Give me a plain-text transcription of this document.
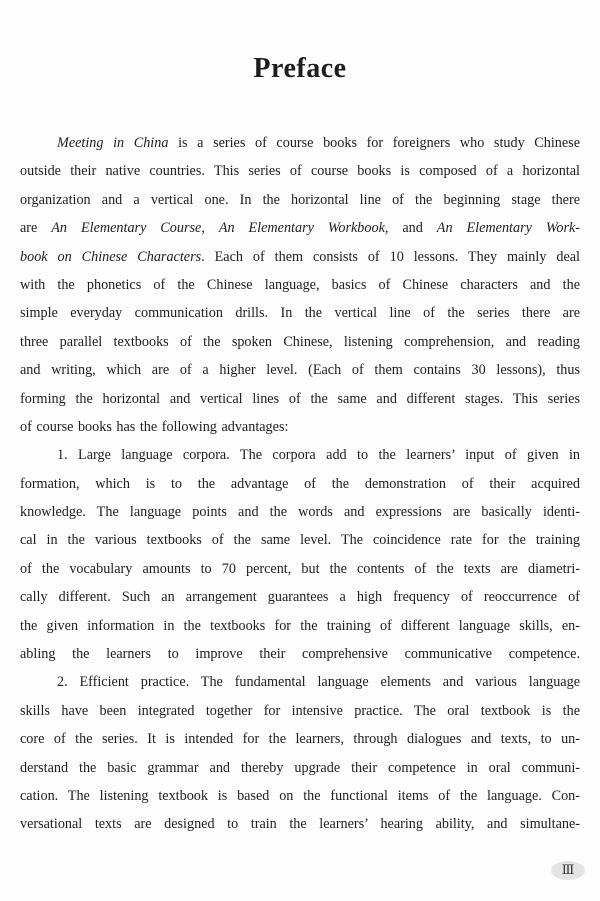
Preface
Meeting in China is a series of course books for foreigners who study Chinese
outside their native countries. This series of course books is composed of a horizontal
organization and a vertical one. In the horizontal line of the beginning stage there
are An Elementary Course, An Elementary Workbook, and An Elementary Work-
book on Chinese Characters. Each of them consists of 10 lessons. They mainly deal
with the phonetics of the Chinese language, basics of Chinese characters and the
simple everyday communication drills. In the vertical line of the series there are
three parallel textbooks of the spoken Chinese, listening comprehension, and reading
and writing, which are of a higher level. (Each of them contains 30 lessons), thus
forming the horizontal and vertical lines of the same and different stages. This series
of course books has the following advantages:
1. Large language corpora. The corpora add to the learners’ input of given in
formation, which is to the advantage of the demonstration of their acquired
knowledge. The language points and the words and expressions are basically identi-
cal in the various textbooks of the same level. The coincidence rate for the training
of the vocabulary amounts to 70 percent, but the contents of the texts are diametri-
cally different. Such an arrangement guarantees a high frequency of reoccurrence of
the given information in the textbooks for the training of different language skills, en-
abling the learners to improve their comprehensive communicative competence.
2. Efficient practice. The fundamental language elements and various language
skills have been integrated together for intensive practice. The oral textbook is the
core of the series. It is intended for the learners, through dialogues and texts, to un-
derstand the basic grammar and thereby upgrade their competence in oral communi-
cation. The listening textbook is based on the functional items of the language. Con-
versational texts are designed to train the learners’ hearing ability, and simultane-
Ⅲ
